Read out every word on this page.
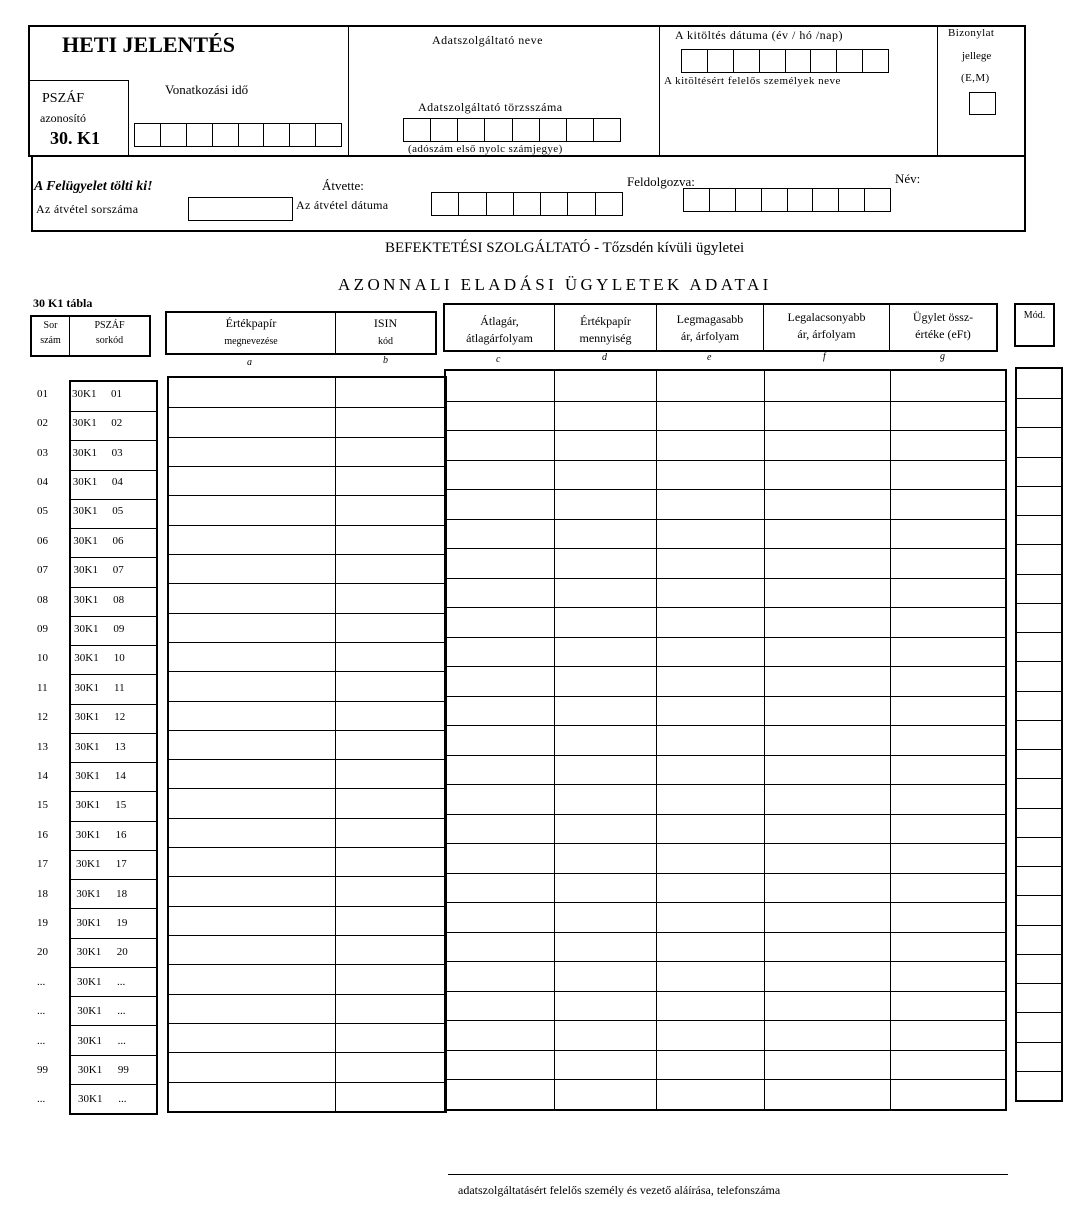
HETI JELENTÉS
PSZÁF
azonosító
30. K1
Vonatkozási idő
Adatszolgáltató neve
Adatszolgáltató törzsszáma
(adószám első nyolc számjegye)
A kitöltés dátuma (év / hó /nap)
A kitöltésért felelős személyek neve
Bizonylat
jellege
(E,M)
A Felügyelet tölti ki!
Az átvétel sorszáma
Átvette:
Az átvétel dátuma
Feldolgozva:	Név:
BEFEKTETÉSI SZOLGÁLTATÓ - Tőzsdén kívüli ügyletei
AZONNALI ELADÁSI ÜGYLETEK ADATAI
30 K1 tábla
Sor
szám
PSZÁF
sorkód
Értékpapír
megnevezése
ISIN
kód
Átlagár,
átlagárfolyam
Értékpapír
mennyiség
Legmagasabb
ár, árfolyam
Legalacsonyabb
ár, árfolyam
Ügylet össz-
értéke (eFt)
Mód.
a	b	c	d	e	f	g
01 30K1 01
02 30K1 02
03 30K1 03
04 30K1 04
05 30K1 05
06 30K1 06
07 30K1 07
08 30K1 08
09 30K1 09
10 30K1 10
11 30K1 11
12 30K1 12
13 30K1 13
14 30K1 14
15	30K1 15
16	30K1 16
17	30K1 17
18	30K1 18
19	30K1 19
20	30K1 20
...	30K1 ...
...	30K1 ...
...	30K1 ...
99	30K1 99
...	30K1 ...
adatszolgáltatásért felelős személy és vezető aláírása, telefonszáma
